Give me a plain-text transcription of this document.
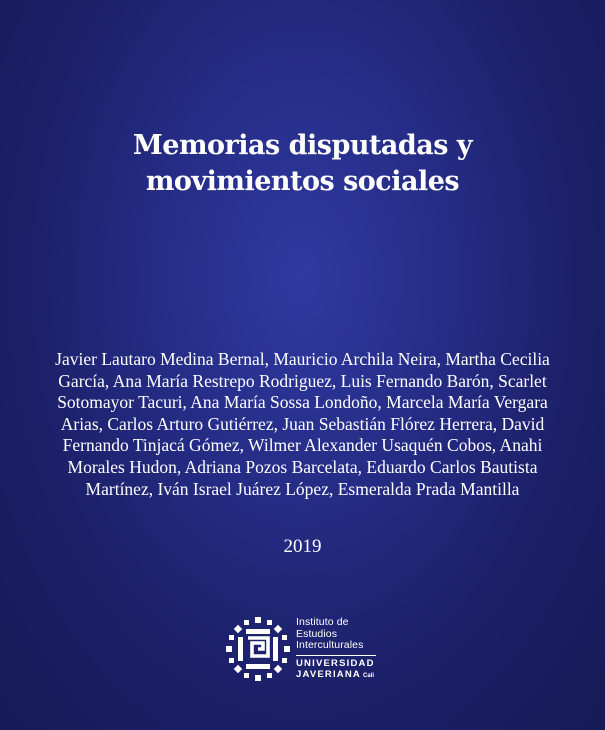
Memorias disputadas y
movimientos sociales
Javier Lautaro Medina Bernal, Mauricio Archila Neira, Martha Cecilia García, Ana María Restrepo Rodriguez, Luis Fernando Barón, Scarlet Sotomayor Tacuri, Ana María Sossa Londoño, Marcela María Vergara Arias, Carlos Arturo Gutiérrez, Juan Sebastián Flórez Herrera, David Fernando Tinjacá Gómez, Wilmer Alexander Usaquén Cobos, Anahi Morales Hudon, Adriana Pozos Barcelata, Eduardo Carlos Bautista Martínez, Iván Israel Juárez López, Esmeralda Prada Mantilla
2019
Instituto de
Estudios
Interculturales
UNIVERSIDAD
JAVERIANA Cali
